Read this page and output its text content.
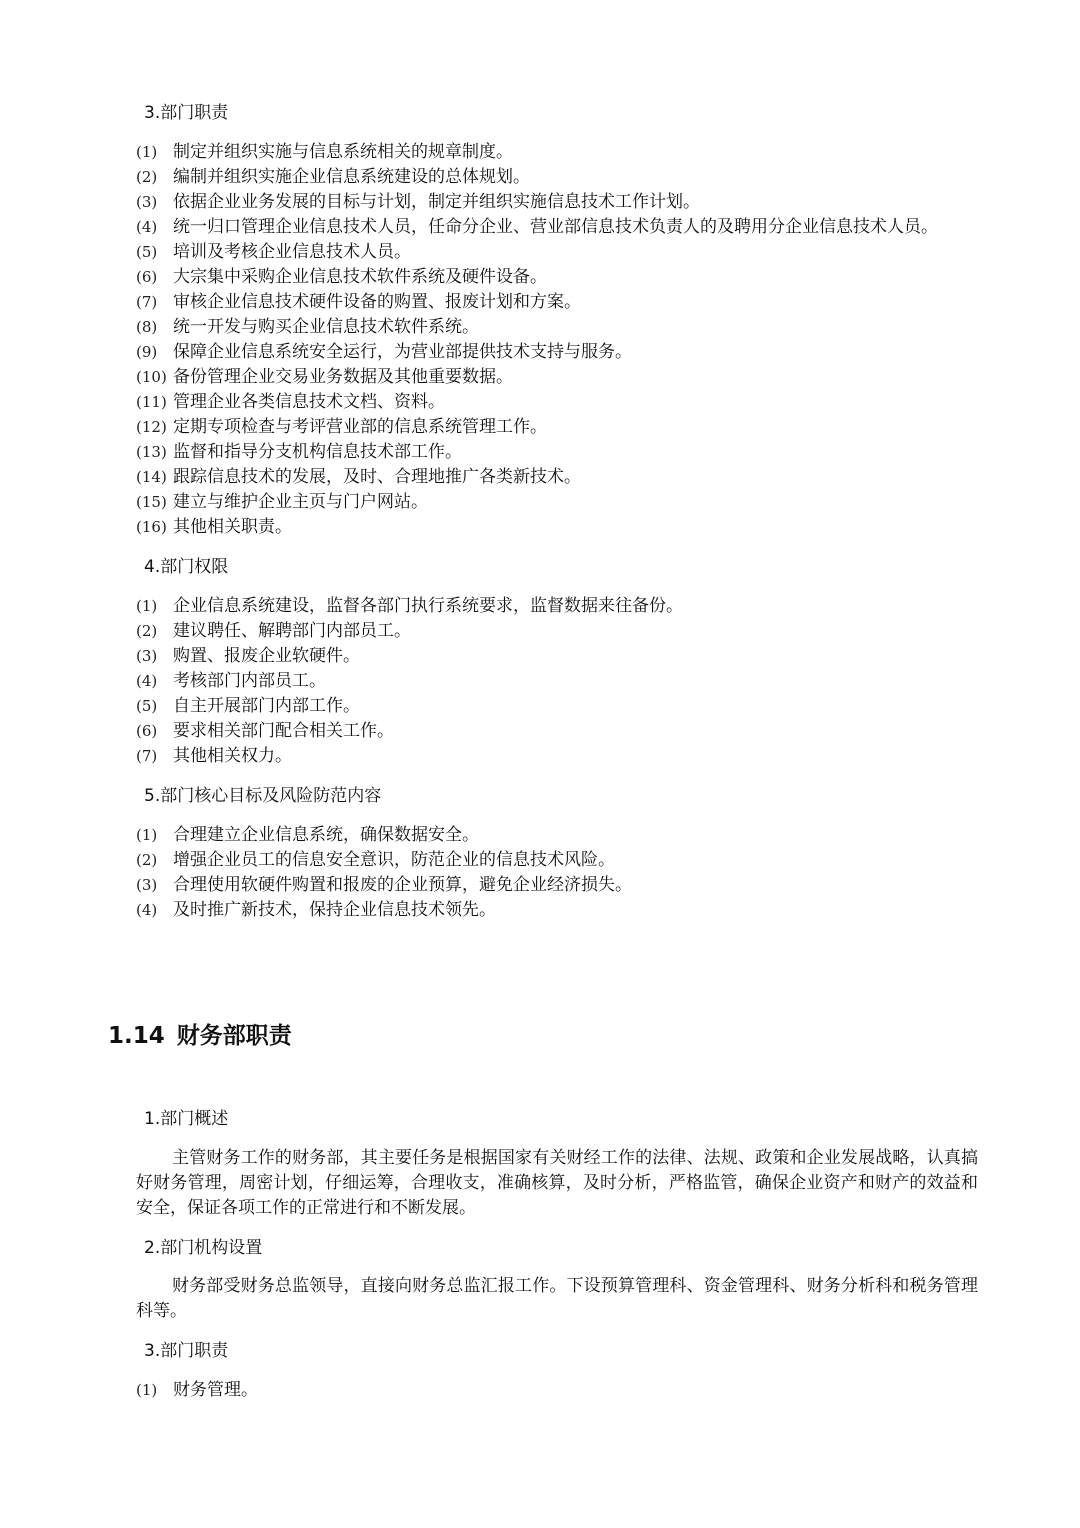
3.部门职责
(1) 制定并组织实施与信息系统相关的规章制度。
(2) 编制并组织实施企业信息系统建设的总体规划。
(3) 依据企业业务发展的目标与计划，制定并组织实施信息技术工作计划。
(4) 统一归口管理企业信息技术人员，任命分企业、营业部信息技术负责人的及聘用分企业信息技术人员。
(5) 培训及考核企业信息技术人员。
(6) 大宗集中采购企业信息技术软件系统及硬件设备。
(7) 审核企业信息技术硬件设备的购置、报废计划和方案。
(8) 统一开发与购买企业信息技术软件系统。
(9) 保障企业信息系统安全运行，为营业部提供技术支持与服务。
(10) 备份管理企业交易业务数据及其他重要数据。
(11) 管理企业各类信息技术文档、资料。
(12) 定期专项检查与考评营业部的信息系统管理工作。
(13) 监督和指导分支机构信息技术部工作。
(14) 跟踪信息技术的发展，及时、合理地推广各类新技术。
(15) 建立与维护企业主页与门户网站。
(16) 其他相关职责。
4.部门权限
(1) 企业信息系统建设，监督各部门执行系统要求，监督数据来往备份。
(2) 建议聘任、解聘部门内部员工。
(3) 购置、报废企业软硬件。
(4) 考核部门内部员工。
(5) 自主开展部门内部工作。
(6) 要求相关部门配合相关工作。
(7) 其他相关权力。
5.部门核心目标及风险防范内容
(1) 合理建立企业信息系统，确保数据安全。
(2) 增强企业员工的信息安全意识，防范企业的信息技术风险。
(3) 合理使用软硬件购置和报废的企业预算，避免企业经济损失。
(4) 及时推广新技术，保持企业信息技术领先。
1.14 财务部职责
1.部门概述

主管财务工作的财务部，其主要任务是根据国家有关财经工作的法律、法规、政策和企业发展战略，认真搞好财务管理，周密计划，仔细运筹，合理收支，准确核算，及时分析，严格监管，确保企业资产和财产的效益和安全，保证各项工作的正常进行和不断发展。

2.部门机构设置

财务部受财务总监领导，直接向财务总监汇报工作。下设预算管理科、资金管理科、财务分析科和税务管理科等。

3.部门职责
(1) 财务管理。
